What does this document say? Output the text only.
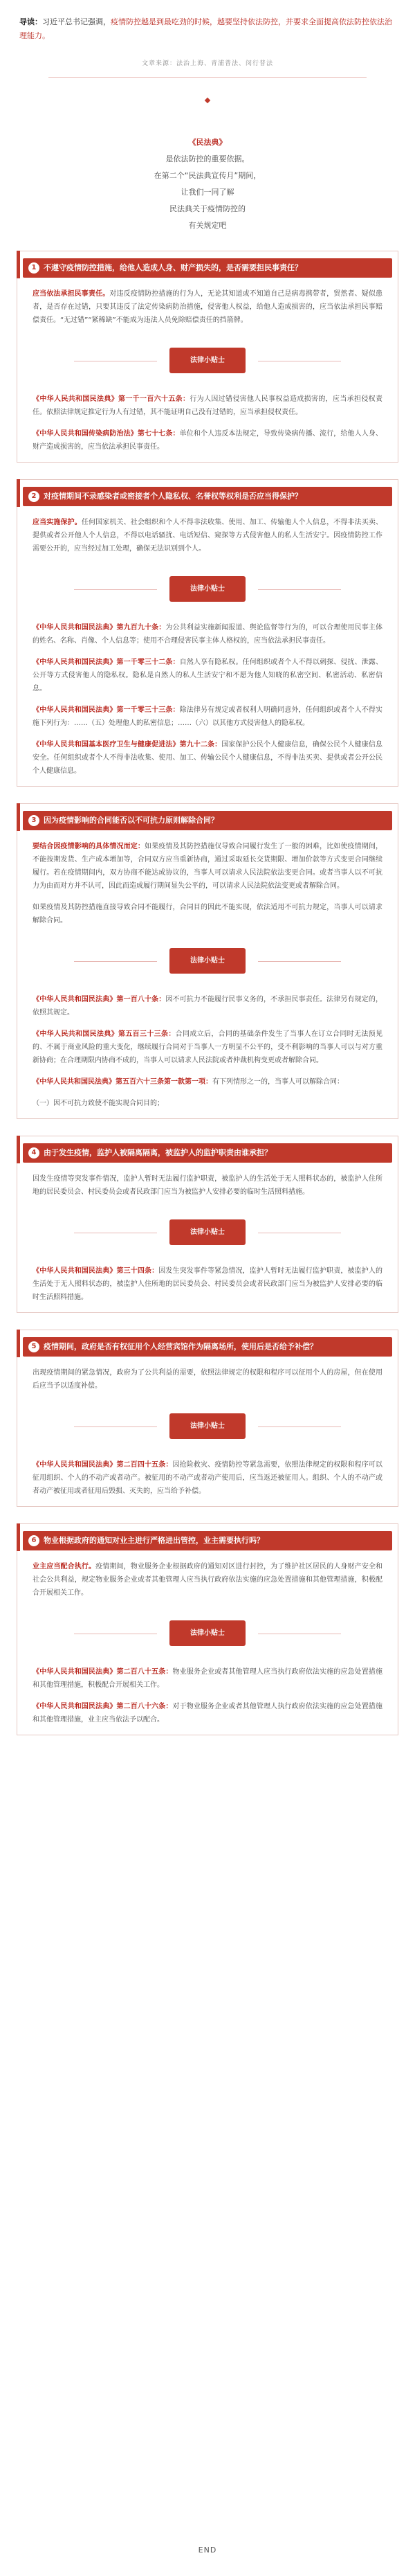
导读：习近平总书记强调，疫情防控越是到最吃劲的时候，越要坚持依法防控，并要求全面提高依法防控依法治理能力。
文章来源：法治上海、青浦普法、闵行普法
《民法典》
是依法防控的重要依据。
在第二个“民法典宣传月”期间，
让我们一同了解
民法典关于疫情防控的
有关规定吧
1 不遵守疫情防控措施，给他人造成人身、财产损失的，是否需要担民事责任？

应当依法承担民事责任。对违反疫情防控措施的行为人，无论其知道或不知道自己是病毒携带者，贸然者、疑似患者，是否存在过错，只要其违反了法定传染病防治措施，侵害他人权益，给他人造成损害的，应当依法承担民事赔偿责任。“无过错”“紧稀缺”不能成为违法人员免除赔偿责任的挡箭牌。

法律小贴士

《中华人民共和国民法典》第一千一百六十五条：行为人因过错侵害他人民事权益造成损害的，应当承担侵权责任。依照法律规定推定行为人有过错，其不能证明自己没有过错的，应当承担侵权责任。

《中华人民共和国传染病防治法》第七十七条：单位和个人违反本法规定，导致传染病传播、流行，给他人人身、财产造成损害的，应当依法承担民事责任。

2 对疫情期间不录感染者或密接者个人隐私权、名誉权等权利是否应当得保护？

应当实施保护。任何国家机关、社会组织和个人不得非法收集、使用、加工、传输他人个人信息，不得非法买卖、提供或者公开他人个人信息，不得以电话骚扰、电话短信、窥探等方式侵害他人的私人生活安宁。因疫情防控工作需要公开的，应当经过加工处理，确保无法识别到个人。

法律小贴士

《中华人民共和国民法典》第九百九十条：为公共利益实施新闻报道、舆论监督等行为的，可以合理使用民事主体的姓名、名称、肖像、个人信息等；使用不合理侵害民事主体人格权的，应当依法承担民事责任。

《中华人民共和国民法典》第一千零三十二条：自然人享有隐私权。任何组织或者个人不得以刺探、侵扰、泄露、公开等方式侵害他人的隐私权。隐私是自然人的私人生活安宁和不愿为他人知晓的私密空间、私密活动、私密信息。

《中华人民共和国民法典》第一千零三十三条：除法律另有规定或者权利人明确同意外，任何组织或者个人不得实施下列行为：……（五）处理他人的私密信息；……（六）以其他方式侵害他人的隐私权。

《中华人民共和国基本医疗卫生与健康促进法》第九十二条：国家保护公民个人健康信息，确保公民个人健康信息安全。任何组织或者个人不得非法收集、使用、加工、传输公民个人健康信息，不得非法买卖、提供或者公开公民个人健康信息。

3 因为疫情影响的合同能否以不可抗力原则解除合同？

要结合因疫情影响的具体情况而定：如果疫情及其防控措施仅导致合同履行发生了一般的困难，比如使疫情期间，不能按期发货、生产成本增加等，合同双方应当重新协商，通过采取延长交货期限、增加价款等方式变更合同继续履行。若在疫情期间内，双方协商不能达成协议的，当事人可以请求人民法院依法变更合同。或者当事人以不可抗力为由而对方并不认可，因此而造成履行期间显失公平的，可以请求人民法院依法变更或者解除合同。

如果疫情及其防控措施直接导致合同不能履行，合同目的因此不能实现，依法适用不可抗力规定，当事人可以请求解除合同。

法律小贴士

《中华人民共和国民法典》第一百八十条：因不可抗力不能履行民事义务的，不承担民事责任。法律另有规定的，依照其规定。

《中华人民共和国民法典》第五百三十三条：合同成立后，合同的基础条件发生了当事人在订立合同时无法预见的、不属于商业风险的重大变化，继续履行合同对于当事人一方明显不公平的，受不利影响的当事人可以与对方重新协商；在合理期限内协商不成的，当事人可以请求人民法院或者仲裁机构变更或者解除合同。

《中华人民共和国民法典》第五百六十三条第一款第一项：有下列情形之一的，当事人可以解除合同：

（一）因不可抗力致使不能实现合同目的；

4 由于发生疫情，监护人被隔离隔离，被监护人的监护职责由谁承担？

因发生疫情等突发事件情况，监护人暂时无法履行监护职责，被监护人的生活处于无人照料状态的，被监护人住所地的居民委员会、村民委员会或者民政部门应当为被监护人安排必要的临时生活照料措施。

法律小贴士

《中华人民共和国民法典》第三十四条：因发生突发事件等紧急情况，监护人暂时无法履行监护职责，被监护人的生活处于无人照料状态的，被监护人住所地的居民委员会、村民委员会或者民政部门应当为被监护人安排必要的临时生活照料措施。

5 疫情期间，政府是否有权征用个人经营宾馆作为隔离场所，使用后是否给予补偿？

出现疫情期间的紧急情况，政府为了公共利益的需要，依照法律规定的权限和程序可以征用个人的房屋，但在使用后应当予以适度补偿。

法律小贴士

《中华人民共和国民法典》第二百四十五条：因抢险救灾、疫情防控等紧急需要，依照法律规定的权限和程序可以征用组织、个人的不动产或者动产。被征用的不动产或者动产使用后，应当返还被征用人。组织、个人的不动产或者动产被征用或者征用后毁损、灭失的，应当给予补偿。

6 物业根据政府的通知对业主进行严格进出管控，业主需要执行吗？

业主应当配合执行。疫情期间，物业服务企业根据政府的通知对区进行封控，为了维护社区居民的人身财产安全和社会公共利益，规定物业服务企业或者其他管理人应当执行政府依法实施的应急处置措施和其他管理措施，积极配合开展相关工作。

法律小贴士

《中华人民共和国民法典》第二百八十五条：物业服务企业或者其他管理人应当执行政府依法实施的应急处置措施和其他管理措施，积极配合开展相关工作。

《中华人民共和国民法典》第二百八十六条：对于物业服务企业或者其他管理人执行政府依法实施的应急处置措施和其他管理措施，业主应当依法予以配合。

END
